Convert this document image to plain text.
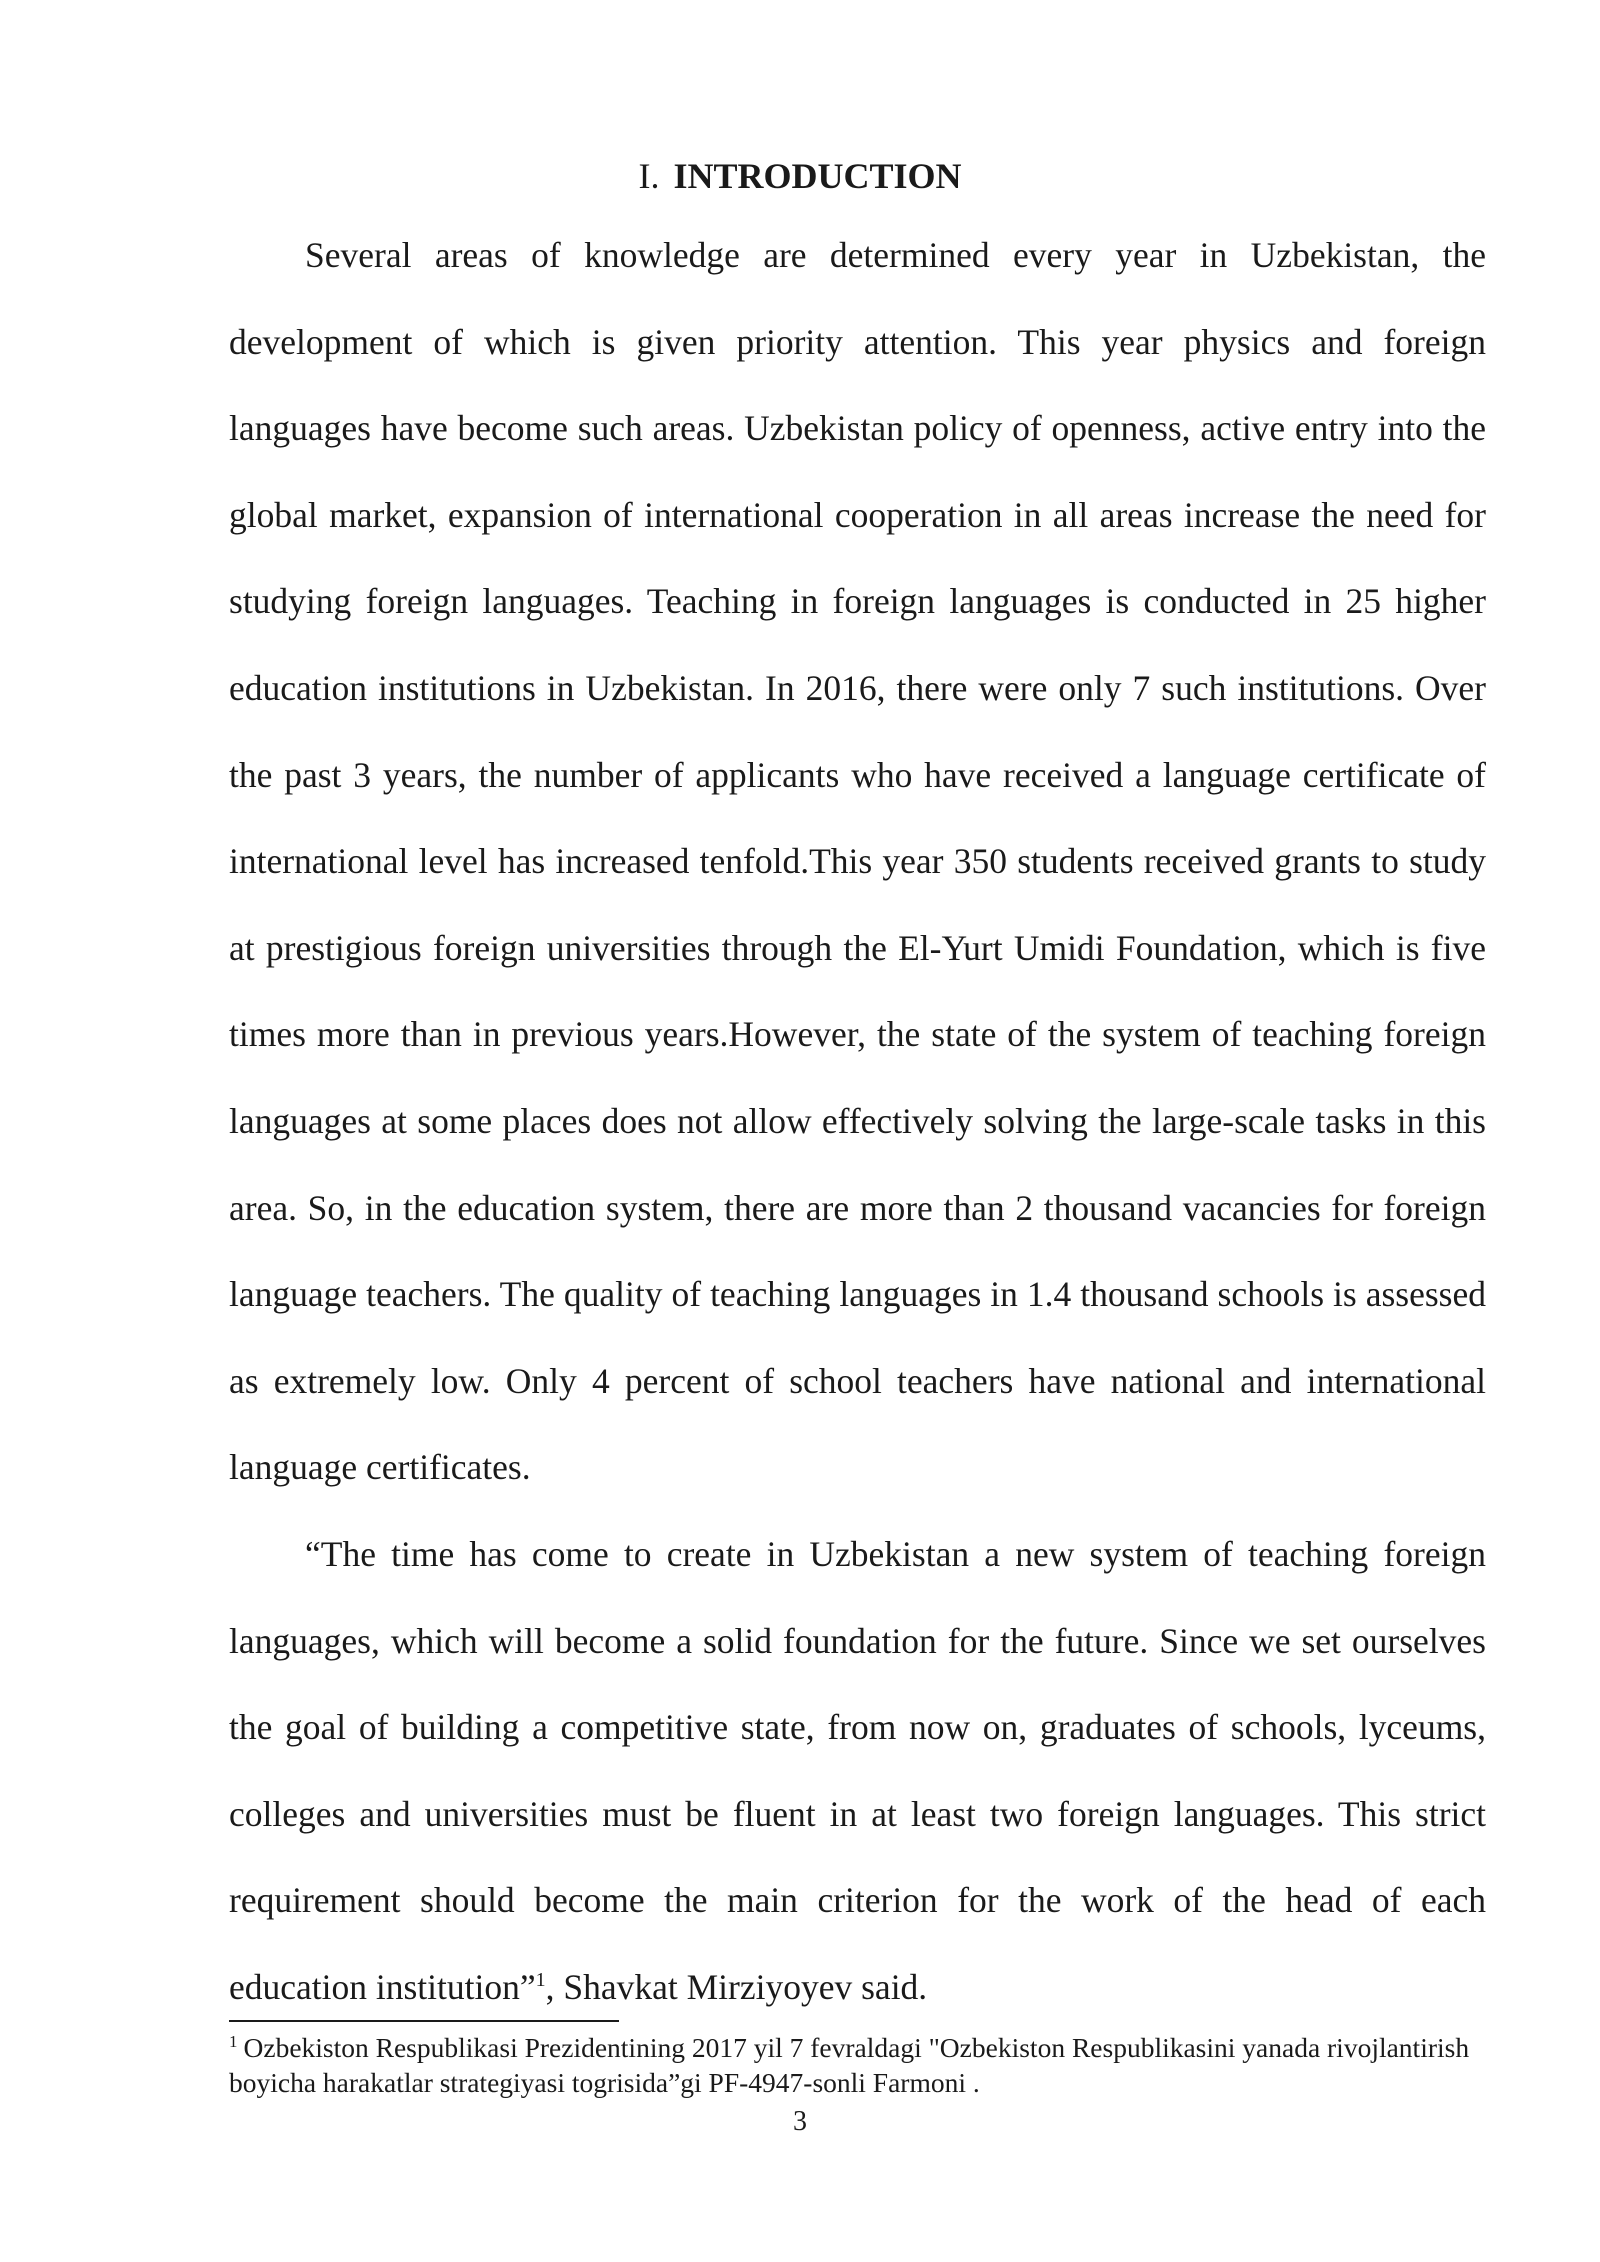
I. INTRODUCTION

Several areas of knowledge are determined every year in Uzbekistan, the development of which is given priority attention. This year physics and foreign languages have become such areas. Uzbekistan policy of openness, active entry into the global market, expansion of international cooperation in all areas increase the need for studying foreign languages. Teaching in foreign languages is conducted in 25 higher education institutions in Uzbekistan. In 2016, there were only 7 such institutions. Over the past 3 years, the number of applicants who have received a language certificate of international level has increased tenfold.This year 350 students received grants to study at prestigious foreign universities through the El-Yurt Umidi Foundation, which is five times more than in previous years.However, the state of the system of teaching foreign languages at some places does not allow effectively solving the large-scale tasks in this area. So, in the education system, there are more than 2 thousand vacancies for foreign language teachers. The quality of teaching languages in 1.4 thousand schools is assessed as extremely low. Only 4 percent of school teachers have national and international language certificates.

“The time has come to create in Uzbekistan a new system of teaching foreign languages, which will become a solid foundation for the future. Since we set ourselves the goal of building a competitive state, from now on, graduates of schools, lyceums, colleges and universities must be fluent in at least two foreign languages. This strict requirement should become the main criterion for the work of the head of each education institution”$^1$, Shavkat Mirziyoyev said.

$^1$ Ozbekiston Respublikasi Prezidentining 2017 yil 7 fevraldagi "Ozbekiston Respublikasini yanada rivojlantirish boyicha harakatlar strategiyasi togrisida”gi PF-4947-sonli Farmoni .

3
